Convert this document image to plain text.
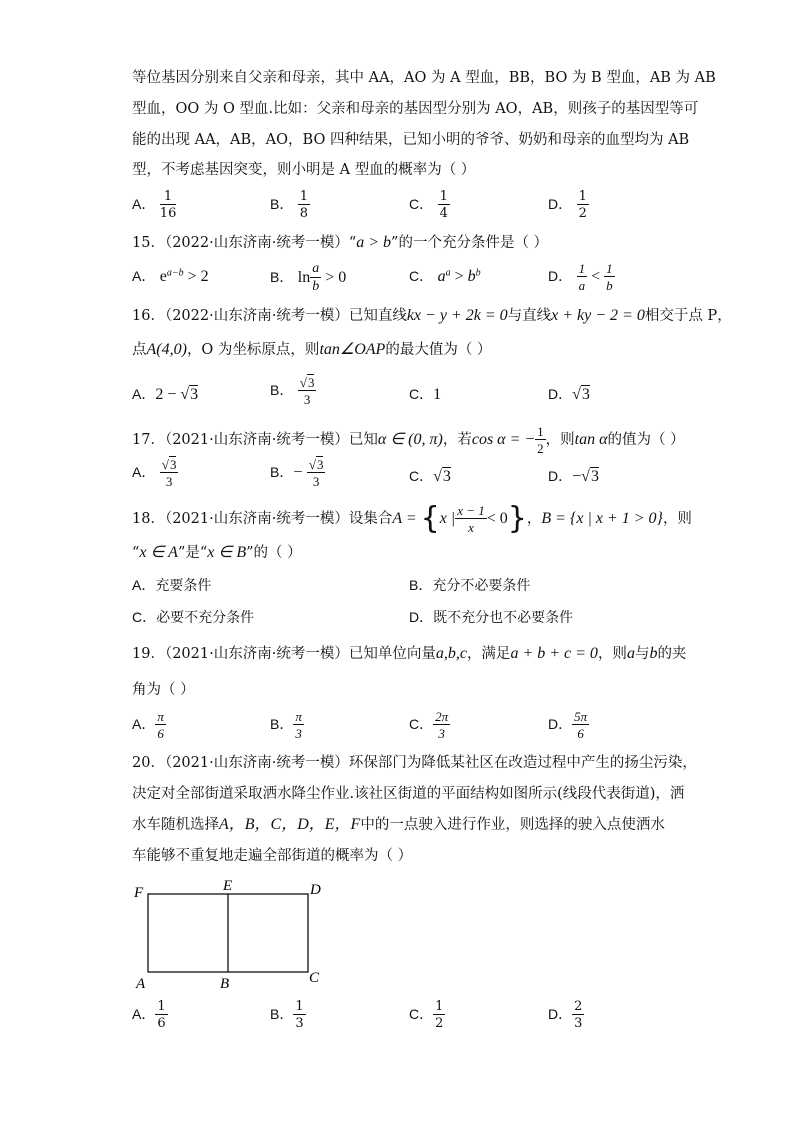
等位基因分别来自父亲和母亲，其中 AA，AO 为 A 型血，BB，BO 为 B 型血，AB 为 AB
型血，OO 为 O 型血.比如：父亲和母亲的基因型分别为 AO，AB，则孩子的基因型等可
能的出现 AA，AB，AO，BO 四种结果，已知小明的爷爷、奶奶和母亲的血型均为 AB
型，不考虑基因突变，则小明是 A 型血的概率为（ ）
A． $\frac{1}{16}$	B． $\frac{1}{8}$	C． $\frac{1}{4}$	D． $\frac{1}{2}$
15．（2022·山东济南·统考一模）“a > b”的一个充分条件是（ ）
A． $e^{a-b} > 2$	B． $\ln \frac{a}{b} > 0$	C． $a^a > b^b$	D． $\frac{1}{a} < \frac{1}{b}$
16．（2022·山东济南·统考一模）已知直线kx − y + 2k = 0与直线x + ky − 2 = 0相交于点 P，
点A(4,0)，O 为坐标原点，则tan∠OAP的最大值为（ ）
A．2 − √3	B． $\frac{√3}{3}$	C．1	D．√3
17．（2021·山东济南·统考一模）已知α ∈ (0, π)，若cos α = − $\frac{1}{2}$ ，则tan α的值为（ ）
A． $\frac{√3}{3}$	B．− $\frac{√3}{3}$	C．√3	D．−√3
18．（2021·山东济南·统考一模）设集合A = {x | $\frac{x - 1}{x} < 0$}，B = {x | x + 1 > 0}，则
“x ∈ A”是“x ∈ B”的（ ）
A．充要条件	B．充分不必要条件
C．必要不充分条件	D．既不充分也不必要条件
19．（2021·山东济南·统考一模）已知单位向量a,b,c，满足a + b + c = 0，则a与b的夹
角为（ ）
A． $\frac{\pi}{6}$	B． $\frac{\pi}{3}$	C． $\frac{2\pi}{3}$	D． $\frac{5\pi}{6}$
20．（2021·山东济南·统考一模）环保部门为降低某社区在改造过程中产生的扬尘污染，
决定对全部街道采取洒水降尘作业.该社区街道的平面结构如图所示(线段代表街道)，洒
水车随机选择A，B，C，D，E，F中的一点驶入进行作业，则选择的驶入点使洒水
车能够不重复地走遍全部街道的概率为（ ）
F	E	D
A	B	C
A． $\frac{1}{6}$	B． $\frac{1}{3}$	C． $\frac{1}{2}$	D． $\frac{2}{3}$
